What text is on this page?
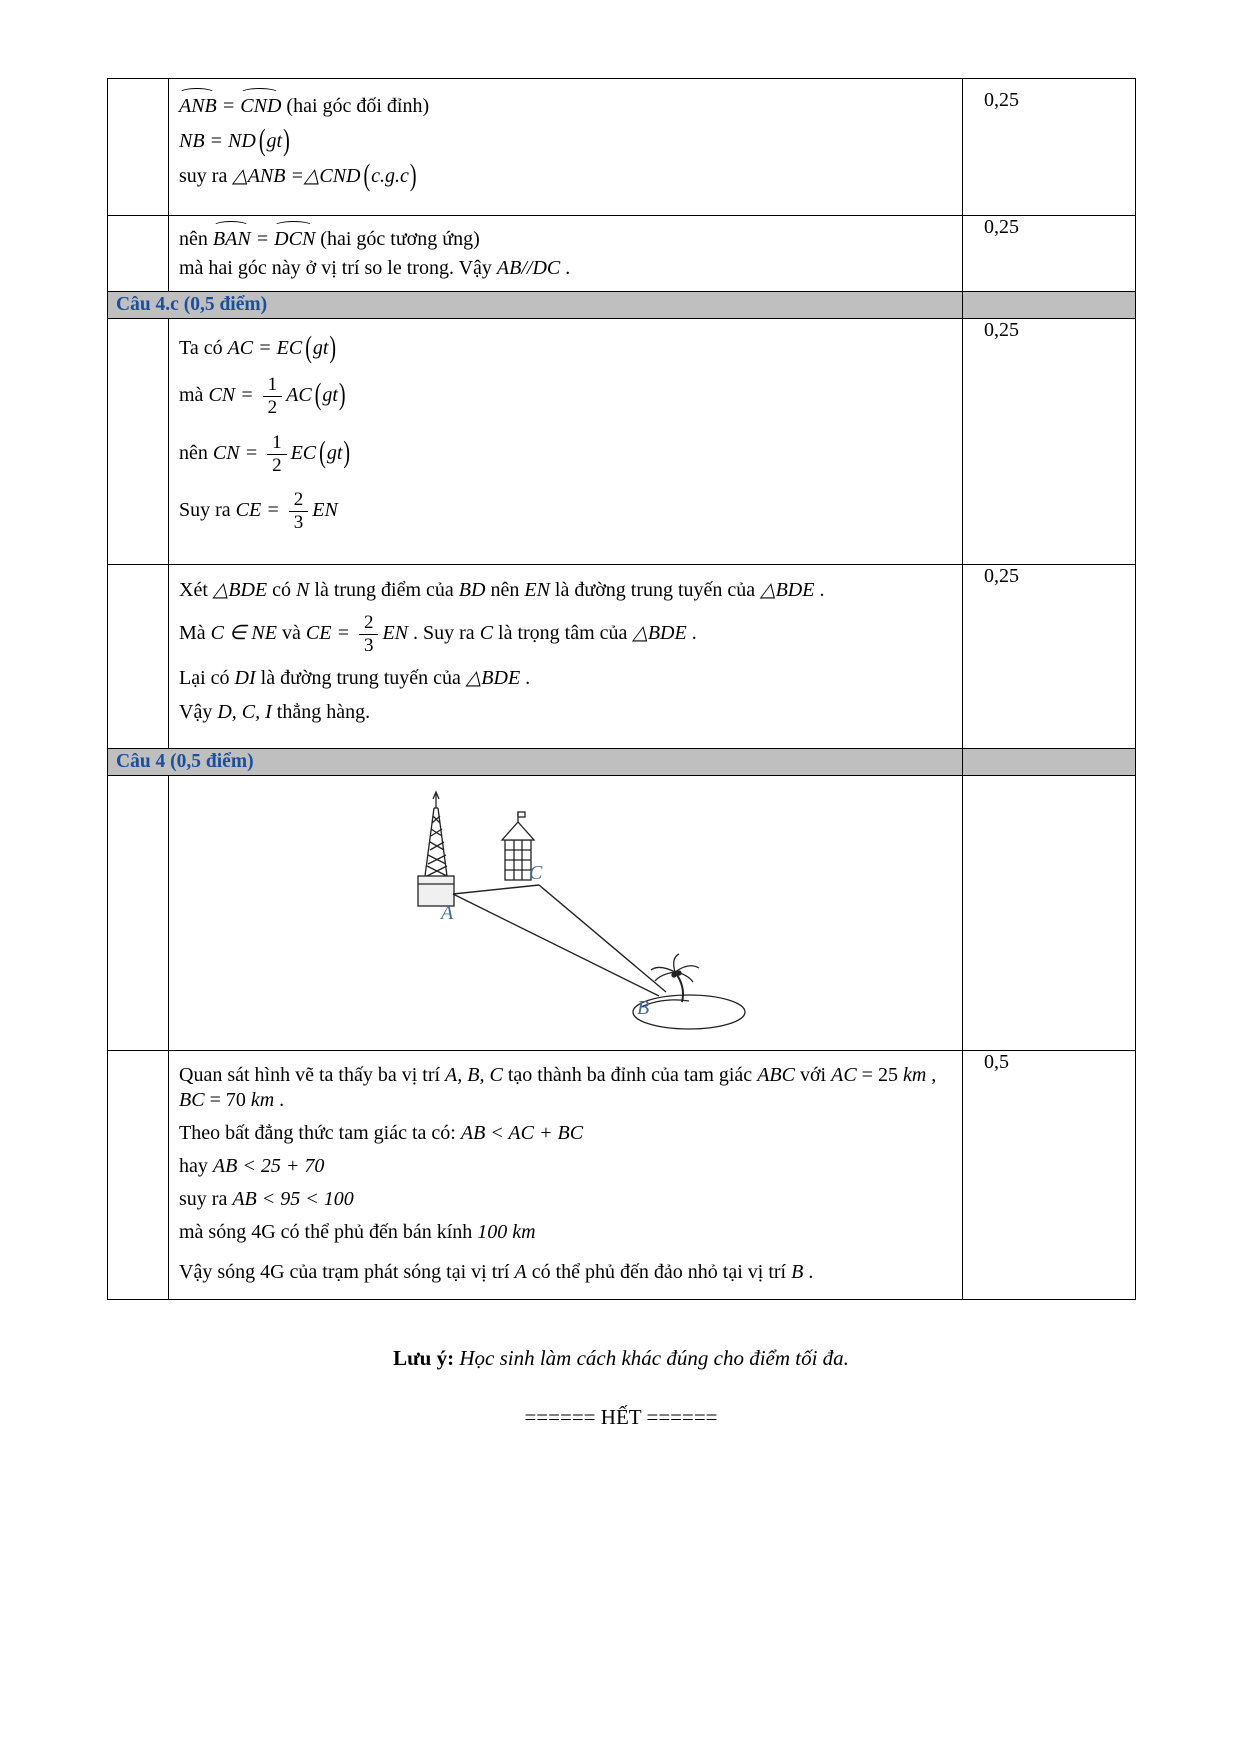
ANB = CND (hai góc đối đỉnh)
NB = ND ( gt )
suy ra △ANB =△CND ( c.g.c )
	0,25

	nên BAN = DCN (hai góc tương ứng)
mà hai góc này ở vị trí so le trong. Vậy AB//DC .	0,25
Câu 4.c (0,5 điểm)		

Ta có AC = EC ( gt )
mà CN = $\frac{1}{2}$ AC ( gt )
nên CN = $\frac{1}{2}$ EC ( gt )
Suy ra CE = $\frac{2}{3}$ EN
	0,25

Xét △BDE có N là trung điểm của BD nên EN là đường trung tuyến của △BDE .
Mà C ∈ NE và CE = $\frac{2}{3}$ EN . Suy ra C là trọng tâm của △BDE .
Lại có DI là đường trung tuyến của △BDE .
Vậy D, C, I thẳng hàng.
	0,25
Câu 4 (0,5 điểm)		

A
C
B	

Quan sát hình vẽ ta thấy ba vị trí A, B, C tạo thành ba đỉnh của tam giác ABC với AC = 25 km , BC = 70 km .
Theo bất đẳng thức tam giác ta có: AB < AC + BC
hay AB < 25 + 70
suy ra AB < 95 < 100
mà sóng 4G có thể phủ đến bán kính 100 km
Vậy sóng 4G của trạm phát sóng tại vị trí A có thể phủ đến đảo nhỏ tại vị trí B .
	0,5
Lưu ý: Học sinh làm cách khác đúng cho điểm tối đa.
====== HẾT ======
